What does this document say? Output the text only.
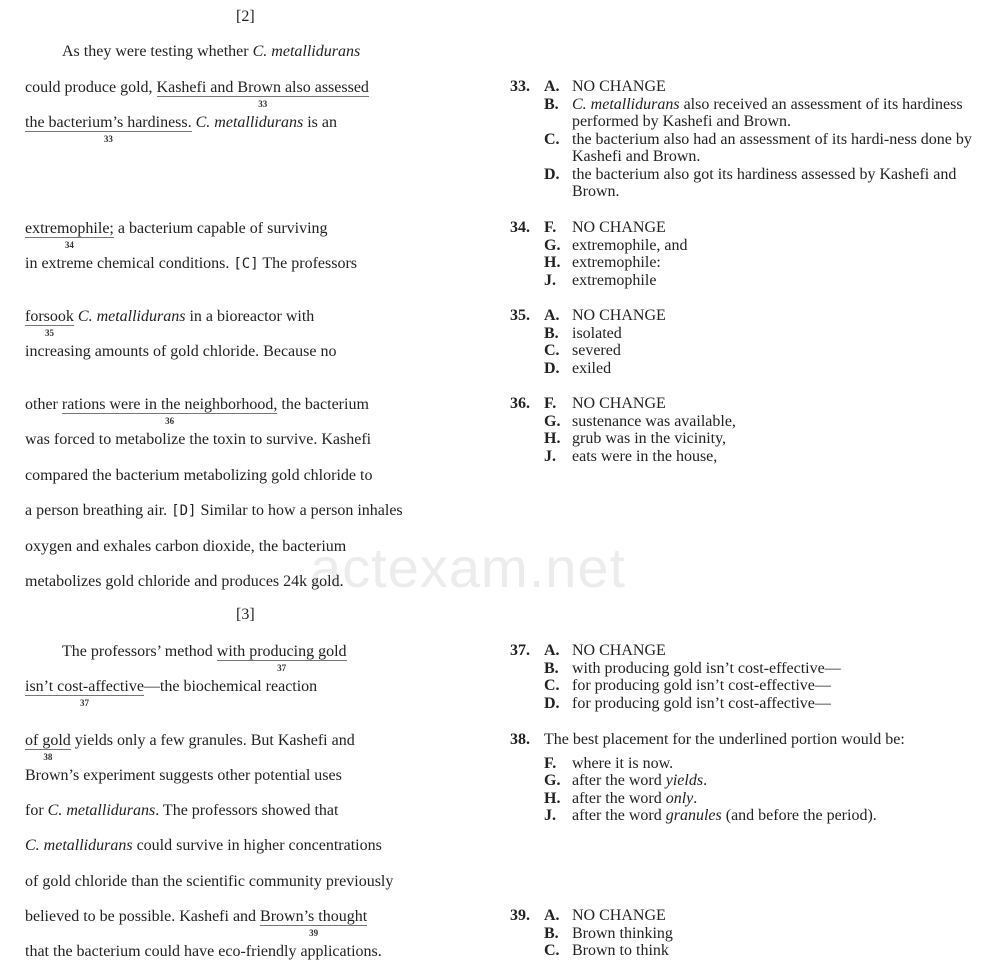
actexam.net
[2]
[3]
As they were testing whether C. metallidurans
could produce gold, Kashefi and Brown also assessed
33
the bacterium’s hardiness.
33
C. metallidurans is an
extremophile;
34
a bacterium capable of surviving
in extreme chemical conditions. [C] The professors
forsook
35
C. metallidurans in a bioreactor with
increasing amounts of gold chloride. Because no
other rations were in the neighborhood,
36
the bacterium
was forced to metabolize the toxin to survive. Kashefi
compared the bacterium metabolizing gold chloride to
a person breathing air. [D] Similar to how a person inhales
oxygen and exhales carbon dioxide, the bacterium
metabolizes gold chloride and produces 24k gold.
The professors’ method with producing gold
37
isn’t cost-affective
37
—the biochemical reaction
of gold
38
yields only a few granules. But Kashefi and
Brown’s experiment suggests other potential uses
for C. metallidurans. The professors showed that
C. metallidurans could survive in higher concentrations
of gold chloride than the scientific community previously
believed to be possible. Kashefi and Brown’s thought
39
that the bacterium could have eco-friendly applications.
33. A. NO CHANGE
B. C. metallidurans also received an assessment of its hardiness performed by Kashefi and Brown.
C. the bacterium also had an assessment of its hardi-ness done by Kashefi and Brown.
D. the bacterium also got its hardiness assessed by Kashefi and Brown.
34. F. NO CHANGE
G. extremophile, and
H. extremophile:
J.	extremophile
35. A. NO CHANGE
B. isolated
C. severed
D. exiled
36. F. NO CHANGE
G. sustenance was available,
H. grub was in the vicinity,
J.	eats were in the house,
37. A. NO CHANGE
B. with producing gold isn’t cost-effective—
C. for producing gold isn’t cost-effective—
D. for producing gold isn’t cost-affective—
38. The best placement for the underlined portion would be:
F. where it is now.
G. after the word yields.
H. after the word only.
J.	after the word granules (and before the period).
39. A. NO CHANGE
B. Brown thinking
C. Brown to think
